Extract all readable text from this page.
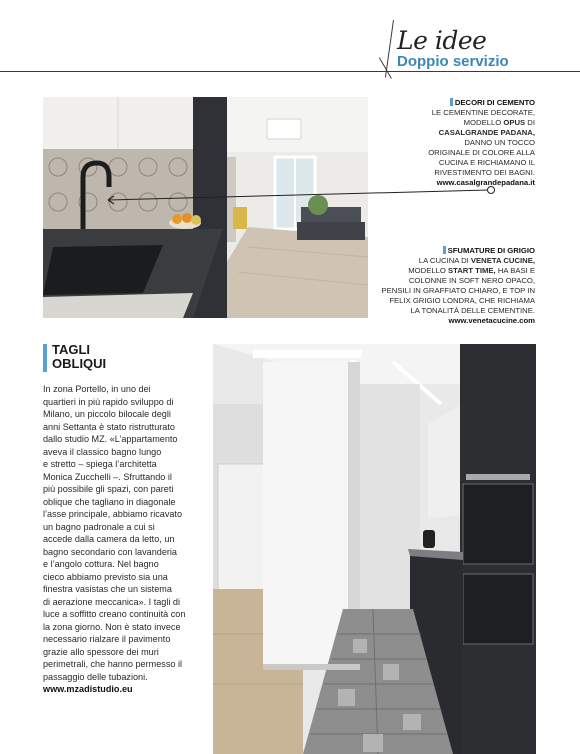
Le idee
Doppio servizio
DECORI DI CEMENTO
LE CEMENTINE DECORATE,
MODELLO OPUS DI
CASALGRANDE PADANA,
DANNO UN TOCCO
ORIGINALE DI COLORE ALLA
CUCINA E RICHIAMANO IL
RIVESTIMENTO DEI BAGNI.
www.casalgrandepadana.it
SFUMATURE DI GRIGIO
LA CUCINA DI VENETA CUCINE,
MODELLO START TIME, HA BASI E
COLONNE IN SOFT NERO OPACO,
PENSILI IN GRAFFIATO CHIARO, E TOP IN
FELIX GRIGIO LONDRA, CHE RICHIAMA
LA TONALITÀ DELLE CEMENTINE.
www.venetacucine.com
TAGLI
OBLIQUI
In zona Portello, in uno dei
quartieri in più rapido sviluppo di
Milano, un piccolo bilocale degli
anni Settanta è stato ristrutturato
dallo studio MZ. «L’appartamento
aveva il classico bagno lungo
e stretto – spiega l’architetta
Monica Zucchelli –. Sfruttando il
più possibile gli spazi, con pareti
oblique che tagliano in diagonale
l’asse principale, abbiamo ricavato
un bagno padronale a cui si
accede dalla camera da letto, un
bagno secondario con lavanderia
e l’angolo cottura. Nel bagno
cieco abbiamo previsto sia una
finestra vasistas che un sistema
di aerazione meccanica». I tagli di
luce a soffitto creano continuità con
la zona giorno. Non è stato invece
necessario rialzare il pavimento
grazie allo spessore dei muri
perimetrali, che hanno permesso il
passaggio delle tubazioni.
www.mzadistudio.eu
